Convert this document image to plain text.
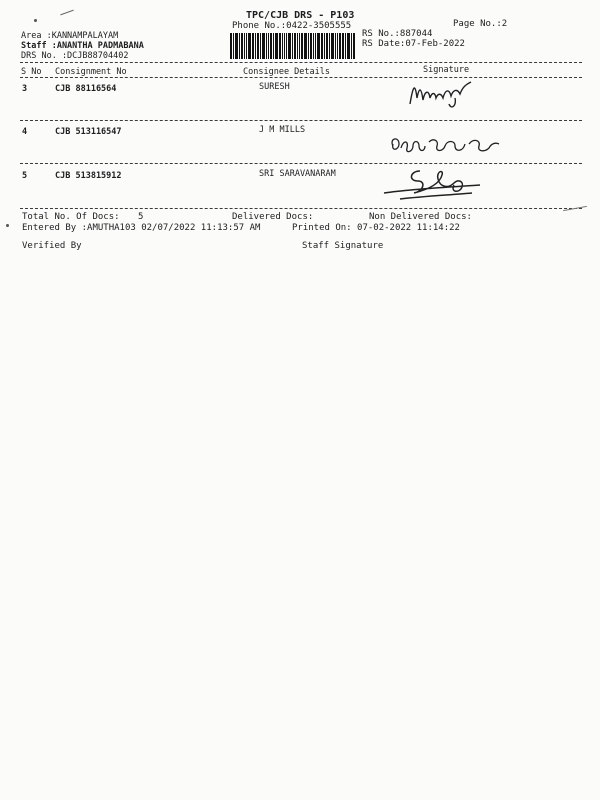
TPC/CJB DRS - P103
Phone No.:0422-3505555	Page No.:2
Area :KANNAMPALAYAM
Staff :ANANTHA PADMABANA
DRS No. :DCJB88704402
RS No.:887044
RS Date:07-Feb-2022
S No Consignment No	Consignee Details	Signature
3	CJB 88116564	SURESH
4	CJB 513116547	J M MILLS
5	CJB 513815912	SRI SARAVANARAM
Total No. Of Docs: 5	Delivered Docs:	Non Delivered Docs:
Entered By :AMUTHA103 02/07/2022 11:13:57 AM	Printed On: 07-02-2022 11:14:22
Verified By	Staff Signature
